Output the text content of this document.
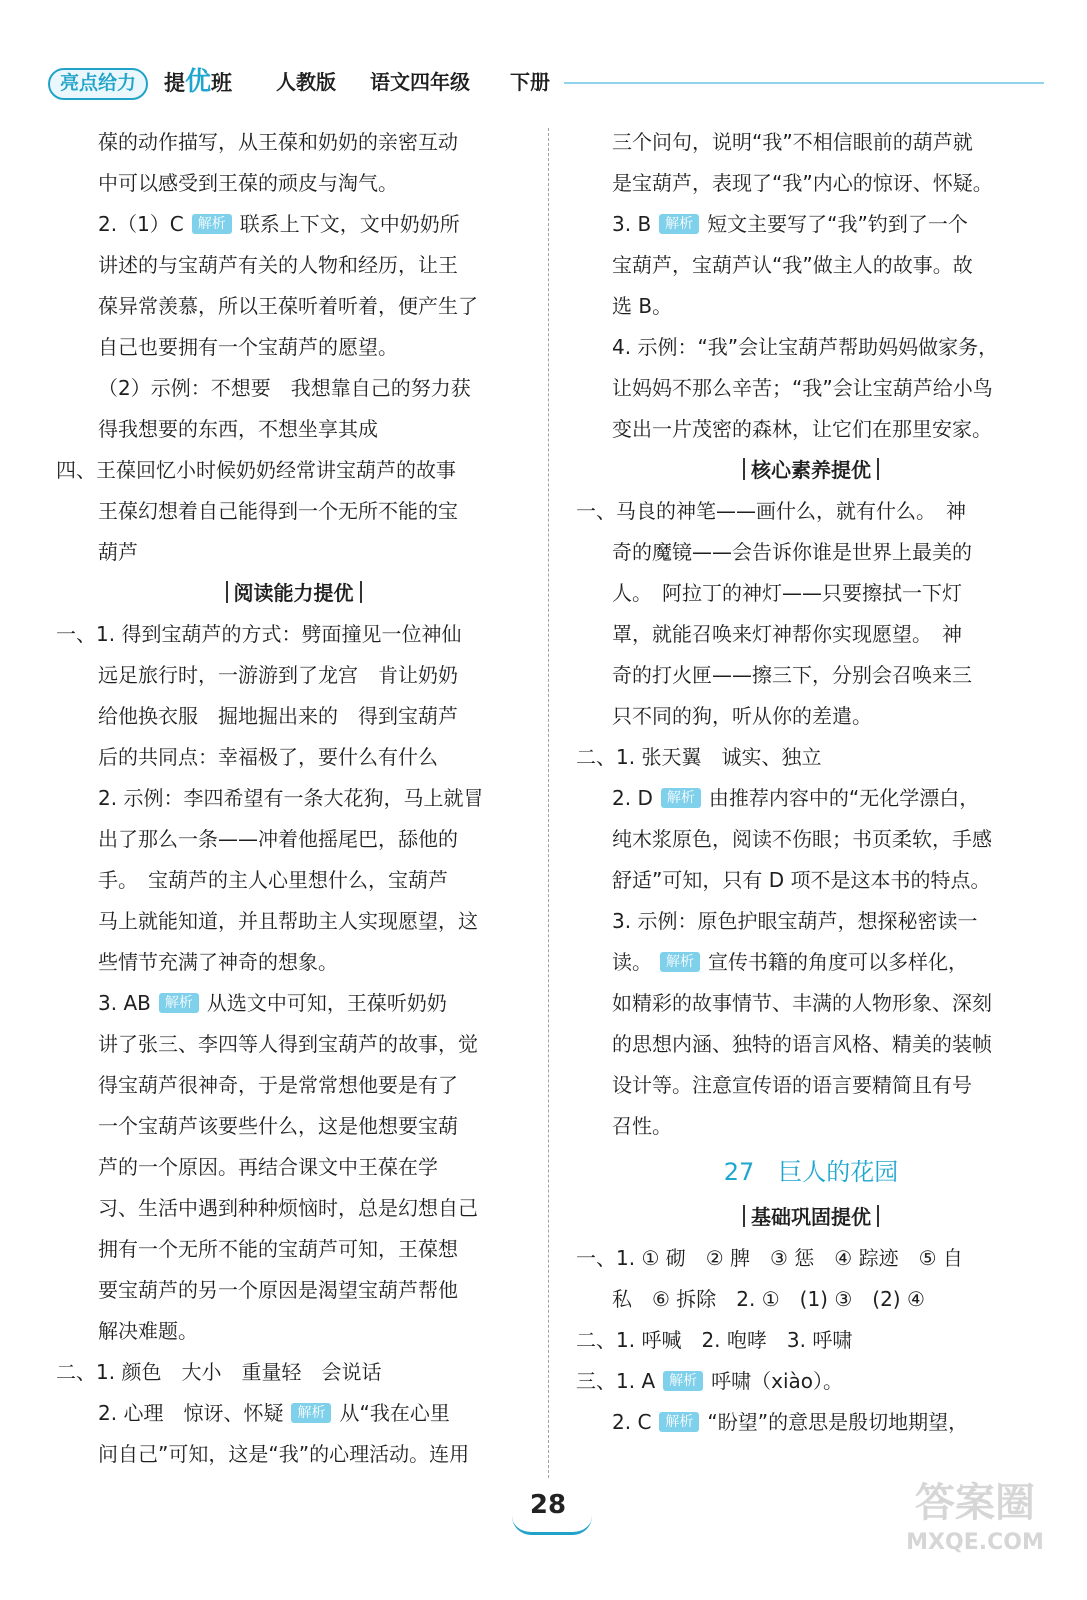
亮点给力	提优班 人教版 语文四年级 下册
葆的动作描写，从王葆和奶奶的亲密互动
中可以感受到王葆的顽皮与淘气。
2.（1）C 解析 联系上下文，文中奶奶所
讲述的与宝葫芦有关的人物和经历，让王
葆异常羡慕，所以王葆听着听着，便产生了
自己也要拥有一个宝葫芦的愿望。
（2）示例：不想要　我想靠自己的努力获
得我想要的东西，不想坐享其成
四、王葆回忆小时候奶奶经常讲宝葫芦的故事
王葆幻想着自己能得到一个无所不能的宝
葫芦
阅读能力提优
一、1. 得到宝葫芦的方式：劈面撞见一位神仙
远足旅行时，一游游到了龙宫　肯让奶奶
给他换衣服　掘地掘出来的　得到宝葫芦
后的共同点：幸福极了，要什么有什么
2. 示例：李四希望有一条大花狗，马上就冒
出了那么一条——冲着他摇尾巴，舔他的
手。　宝葫芦的主人心里想什么，宝葫芦
马上就能知道，并且帮助主人实现愿望，这
些情节充满了神奇的想象。
3. AB 解析 从选文中可知，王葆听奶奶
讲了张三、李四等人得到宝葫芦的故事，觉
得宝葫芦很神奇，于是常常想他要是有了
一个宝葫芦该要些什么，这是他想要宝葫
芦的一个原因。再结合课文中王葆在学
习、生活中遇到种种烦恼时，总是幻想自己
拥有一个无所不能的宝葫芦可知，王葆想
要宝葫芦的另一个原因是渴望宝葫芦帮他
解决难题。
二、1. 颜色　大小　重量轻　会说话
2. 心理　惊讶、怀疑 解析 从“我在心里
问自己”可知，这是“我”的心理活动。连用
三个问句，说明“我”不相信眼前的葫芦就
是宝葫芦，表现了“我”内心的惊讶、怀疑。
3. B 解析 短文主要写了“我”钓到了一个
宝葫芦，宝葫芦认“我”做主人的故事。故
选 B。
4. 示例：“我”会让宝葫芦帮助妈妈做家务，
让妈妈不那么辛苦；“我”会让宝葫芦给小鸟
变出一片茂密的森林，让它们在那里安家。
核心素养提优
一、马良的神笔——画什么，就有什么。　神
奇的魔镜——会告诉你谁是世界上最美的
人。　阿拉丁的神灯——只要擦拭一下灯
罩，就能召唤来灯神帮你实现愿望。　神
奇的打火匣——擦三下，分别会召唤来三
只不同的狗，听从你的差遣。
二、1. 张天翼　诚实、独立
2. D 解析 由推荐内容中的“无化学漂白，
纯木浆原色，阅读不伤眼；书页柔软，手感
舒适”可知，只有 D 项不是这本书的特点。
3. 示例：原色护眼宝葫芦，想探秘密读一
读。 解析 宣传书籍的角度可以多样化，
如精彩的故事情节、丰满的人物形象、深刻
的思想内涵、独特的语言风格、精美的装帧
设计等。注意宣传语的语言要精简且有号
召性。
27　 巨人的花园
基础巩固提优
一、1. ① 砌　② 脾　③ 惩　④ 踪迹　⑤ 自
私　⑥ 拆除　2. ①　(1) ③　(2) ④
二、1. 呼喊　2. 咆哮　3. 呼啸
三、1. A 解析 呼啸（xiào）。
2. C 解析 “盼望”的意思是殷切地期望，
28	答案圈
MXQE.COM
